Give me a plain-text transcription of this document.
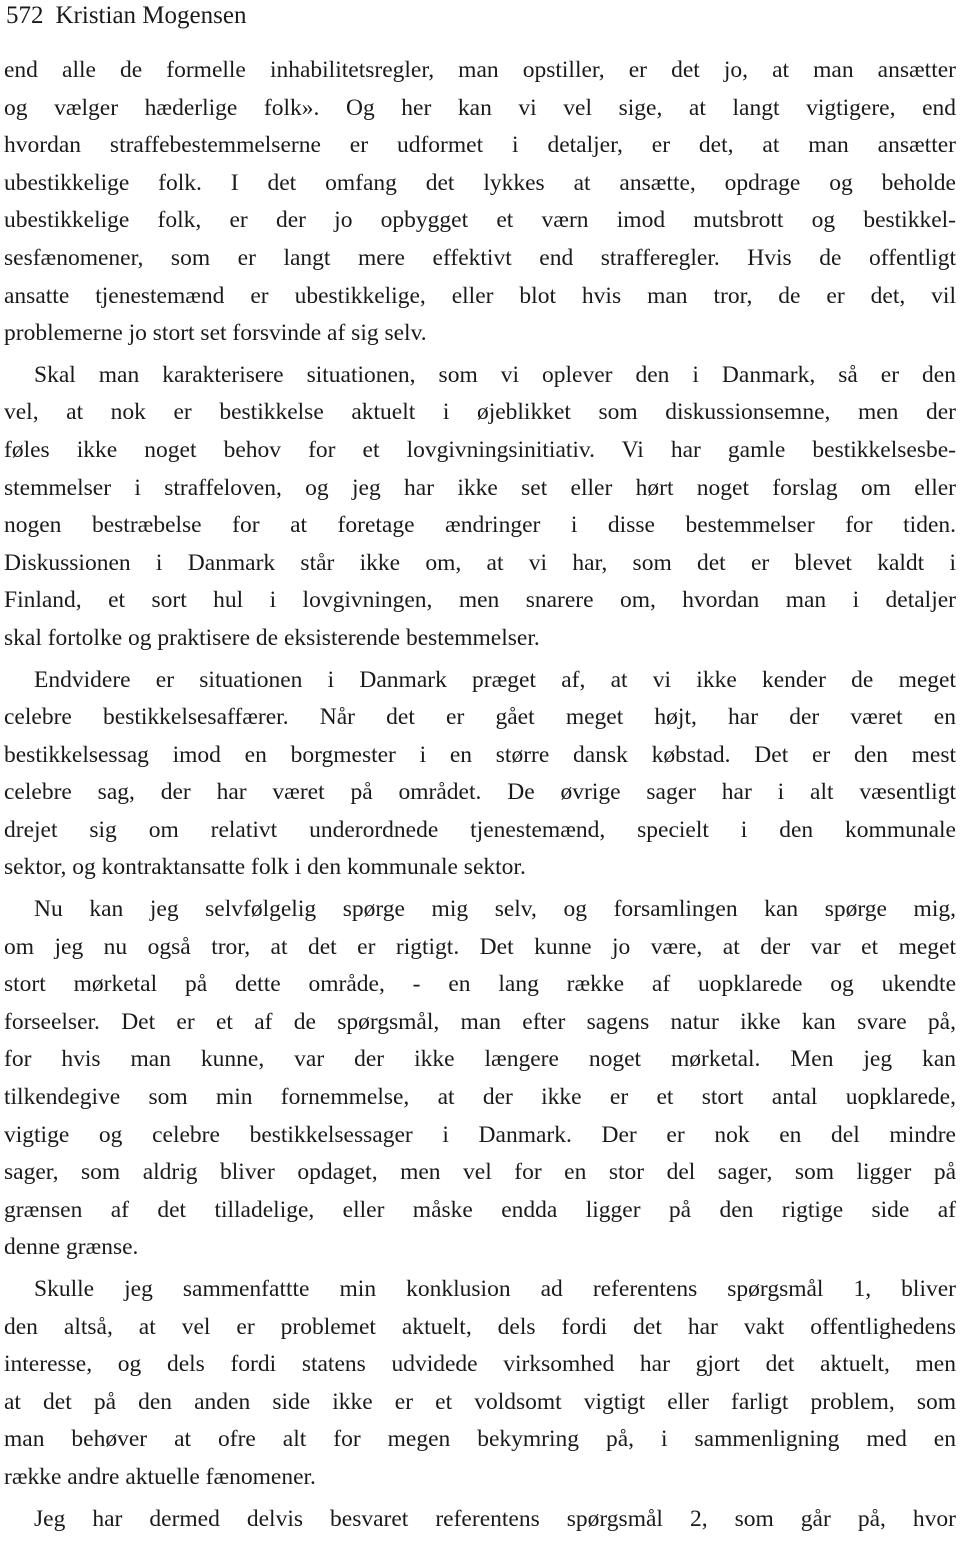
572 Kristian Mogensen
end alle de formelle inhabilitetsregler, man opstiller, er det jo, at man ansætter
og vælger hæderlige folk». Og her kan vi vel sige, at langt vigtigere, end
hvordan straffebestemmelserne er udformet i detaljer, er det, at man ansætter
ubestikkelige folk. I det omfang det lykkes at ansætte, opdrage og beholde
ubestikkelige folk, er der jo opbygget et værn imod mutsbrott og bestikkel-
sesfænomener, som er langt mere effektivt end strafferegler. Hvis de offentligt
ansatte tjenestemænd er ubestikkelige, eller blot hvis man tror, de er det, vil
problemerne jo stort set forsvinde af sig selv.
Skal man karakterisere situationen, som vi oplever den i Danmark, så er den
vel, at nok er bestikkelse aktuelt i øjeblikket som diskussionsemne, men der
føles ikke noget behov for et lovgivningsinitiativ. Vi har gamle bestikkelsesbe-
stemmelser i straffeloven, og jeg har ikke set eller hørt noget forslag om eller
nogen bestræbelse for at foretage ændringer i disse bestemmelser for tiden.
Diskussionen i Danmark står ikke om, at vi har, som det er blevet kaldt i
Finland, et sort hul i lovgivningen, men snarere om, hvordan man i detaljer
skal fortolke og praktisere de eksisterende bestemmelser.
Endvidere er situationen i Danmark præget af, at vi ikke kender de meget
celebre bestikkelsesaffærer. Når det er gået meget højt, har der været en
bestikkelsessag imod en borgmester i en større dansk købstad. Det er den mest
celebre sag, der har været på området. De øvrige sager har i alt væsentligt
drejet sig om relativt underordnede tjenestemænd, specielt i den kommunale
sektor, og kontraktansatte folk i den kommunale sektor.
Nu kan jeg selvfølgelig spørge mig selv, og forsamlingen kan spørge mig,
om jeg nu også tror, at det er rigtigt. Det kunne jo være, at der var et meget
stort mørketal på dette område, - en lang række af uopklarede og ukendte
forseelser. Det er et af de spørgsmål, man efter sagens natur ikke kan svare på,
for hvis man kunne, var der ikke længere noget mørketal. Men jeg kan
tilkendegive som min fornemmelse, at der ikke er et stort antal uopklarede,
vigtige og celebre bestikkelsessager i Danmark. Der er nok en del mindre
sager, som aldrig bliver opdaget, men vel for en stor del sager, som ligger på
grænsen af det tilladelige, eller måske endda ligger på den rigtige side af
denne grænse.
Skulle jeg sammenfattte min konklusion ad referentens spørgsmål 1, bliver
den altså, at vel er problemet aktuelt, dels fordi det har vakt offentlighedens
interesse, og dels fordi statens udvidede virksomhed har gjort det aktuelt, men
at det på den anden side ikke er et voldsomt vigtigt eller farligt problem, som
man behøver at ofre alt for megen bekymring på, i sammenligning med en
række andre aktuelle fænomener.
Jeg har dermed delvis besvaret referentens spørgsmål 2, som går på, hvor
